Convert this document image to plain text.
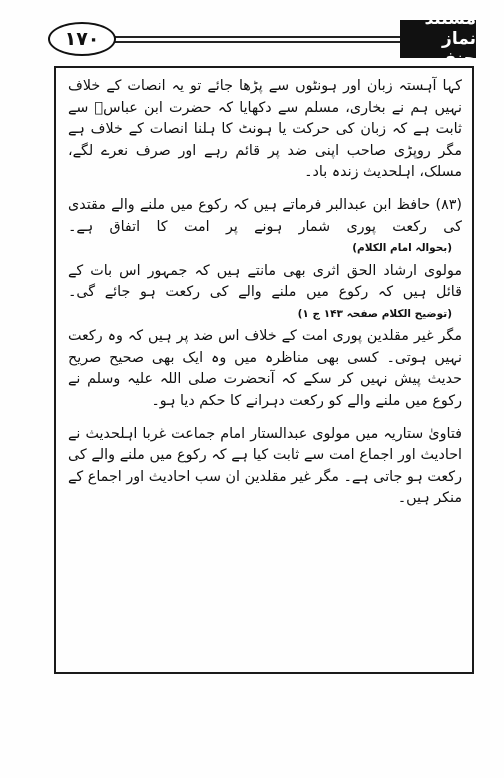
۱۷۰
مستند نماز حنفی

کہا آہستہ زبان اور ہونٹوں سے پڑھا جائے تو یہ انصات کے خلاف نہیں ہم نے بخاری، مسلم سے دکھایا کہ حضرت ابن عباسؓ سے ثابت ہے کہ زبان کی حرکت یا ہونٹ کا ہلنا انصات کے خلاف ہے مگر روپڑی صاحب اپنی ضد پر قائم رہے اور صرف نعرے لگے، مسلک، اہلحدیث زندہ باد۔

(۸۳) حافظ ابن عبدالبر فرماتے ہیں کہ رکوع میں ملنے والے مقتدی کی رکعت پوری شمار ہونے پر امت کا اتفاق ہے۔ (بحوالہ امام الکلام)

مولوی ارشاد الحق اثری بھی مانتے ہیں کہ جمہور اس بات کے قائل ہیں کہ رکوع میں ملنے والے کی رکعت ہو جائے گی۔ (توضیح الکلام صفحہ ۱۴۳ ج ۱)

مگر غیر مقلدین پوری امت کے خلاف اس ضد پر ہیں کہ وہ رکعت نہیں ہوتی۔ کسی بھی مناظرہ میں وہ ایک بھی صحیح صریح حدیث پیش نہیں کر سکے کہ آنحضرت صلی اللہ علیہ وسلم نے رکوع میں ملنے والے کو رکعت دہرانے کا حکم دیا ہو۔

فتاویٰ ستاریہ میں مولوی عبدالستار امام جماعت غربا اہلحدیث نے احادیث اور اجماع امت سے ثابت کیا ہے کہ رکوع میں ملنے والے کی رکعت ہو جاتی ہے۔ مگر غیر مقلدین ان سب احادیث اور اجماع کے منکر ہیں۔
